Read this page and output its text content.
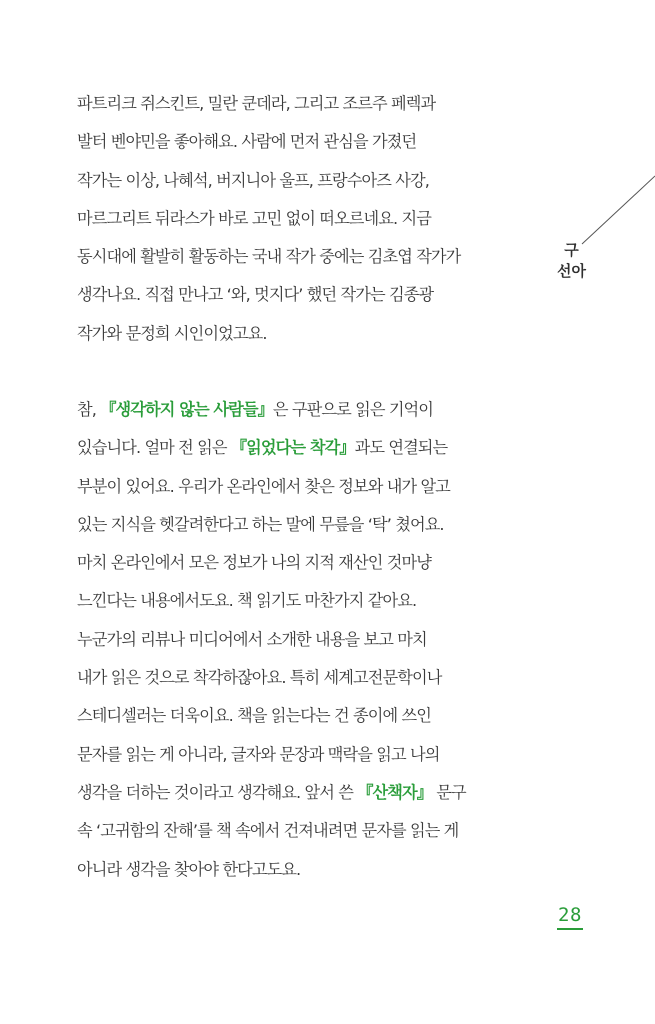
파트리크 쥐스킨트, 밀란 쿤데라, 그리고 조르주 페렉과
발터 벤야민을 좋아해요. 사람에 먼저 관심을 가졌던
작가는 이상, 나혜석, 버지니아 울프, 프랑수아즈 사강,
마르그리트 뒤라스가 바로 고민 없이 떠오르네요. 지금
동시대에 활발히 활동하는 국내 작가 중에는 김초엽 작가가
생각나요. 직접 만나고 ‘와, 멋지다’ 했던 작가는 김종광
작가와 문정희 시인이었고요.
참, 『생각하지 않는 사람들』은 구판으로 읽은 기억이
있습니다. 얼마 전 읽은 『읽었다는 착각』과도 연결되는
부분이 있어요. 우리가 온라인에서 찾은 정보와 내가 알고
있는 지식을 헷갈려한다고 하는 말에 무릎을 ‘탁’ 쳤어요.
마치 온라인에서 모은 정보가 나의 지적 재산인 것마냥
느낀다는 내용에서도요. 책 읽기도 마찬가지 같아요.
누군가의 리뷰나 미디어에서 소개한 내용을 보고 마치
내가 읽은 것으로 착각하잖아요. 특히 세계고전문학이나
스테디셀러는 더욱이요. 책을 읽는다는 건 종이에 쓰인
문자를 읽는 게 아니라, 글자와 문장과 맥락을 읽고 나의
생각을 더하는 것이라고 생각해요. 앞서 쓴 『산책자』 문구
속 ‘고귀함의 잔해’를 책 속에서 건져내려면 문자를 읽는 게
아니라 생각을 찾아야 한다고도요.
구
선아
28
